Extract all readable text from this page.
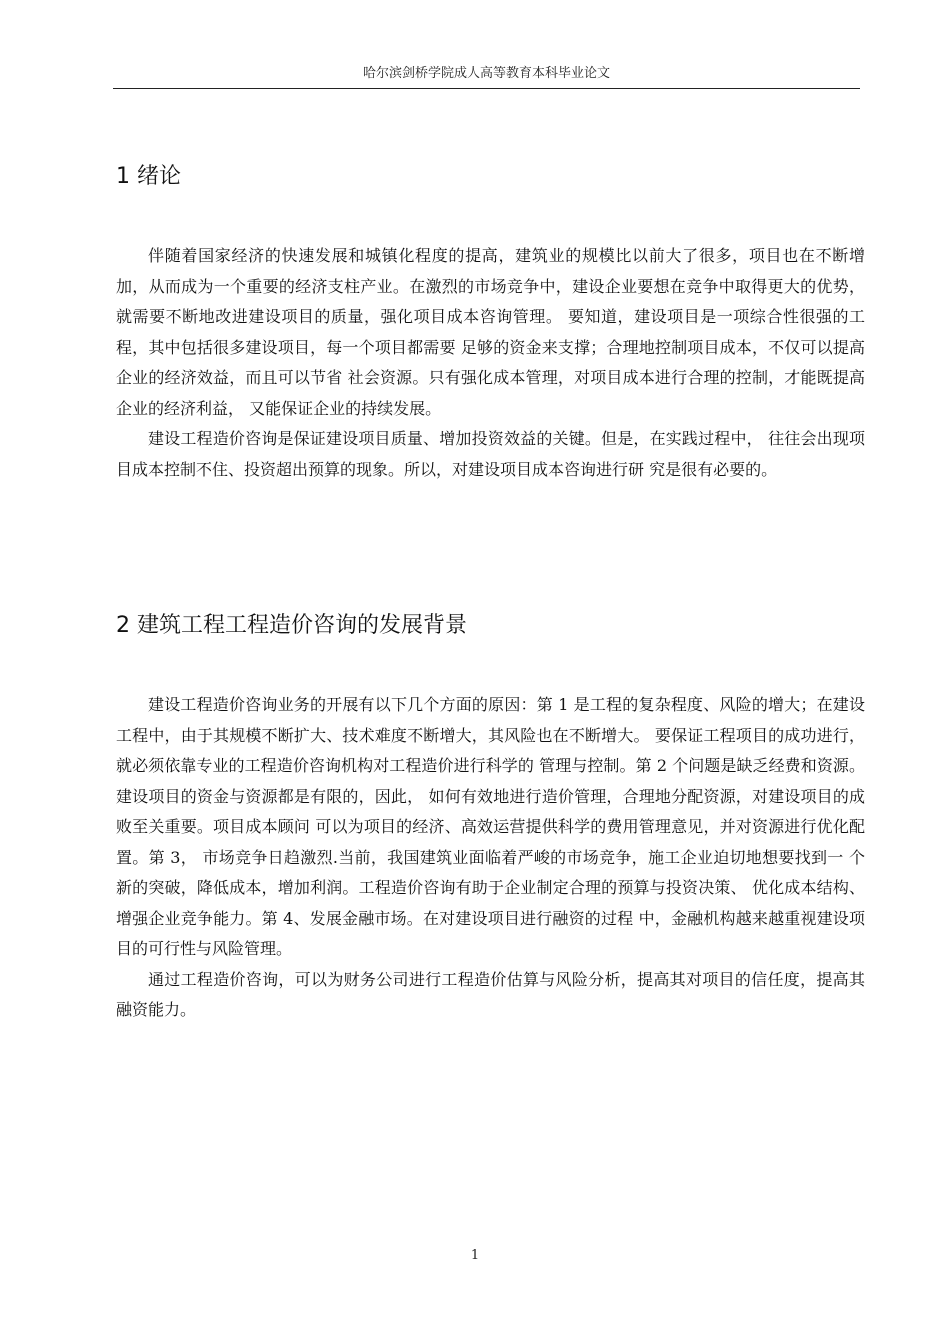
哈尔滨剑桥学院成人高等教育本科毕业论文
1 绪论

伴随着国家经济的快速发展和城镇化程度的提高，建筑业的规模比以前大了很多，项目也在不断增加，从而成为一个重要的经济支柱产业。在激烈的市场竞争中，建设企业要想在竞争中取得更大的优势，就需要不断地改进建设项目的质量，强化项目成本咨询管理。 要知道，建设项目是一项综合性很强的工程，其中包括很多建设项目，每一个项目都需要 足够的资金来支撑；合理地控制项目成本，不仅可以提高企业的经济效益，而且可以节省 社会资源。只有强化成本管理，对项目成本进行合理的控制，才能既提高企业的经济利益， 又能保证企业的持续发展。

建设工程造价咨询是保证建设项目质量、增加投资效益的关键。但是，在实践过程中， 往往会出现项目成本控制不住、投资超出预算的现象。所以，对建设项目成本咨询进行研 究是很有必要的。

2 建筑工程工程造价咨询的发展背景

建设工程造价咨询业务的开展有以下几个方面的原因：第 1 是工程的复杂程度、风险的增大；在建设工程中，由于其规模不断扩大、技术难度不断增大，其风险也在不断增大。 要保证工程项目的成功进行，就必须依靠专业的工程造价咨询机构对工程造价进行科学的 管理与控制。第 2 个问题是缺乏经费和资源。建设项目的资金与资源都是有限的，因此， 如何有效地进行造价管理，合理地分配资源，对建设项目的成败至关重要。项目成本顾问 可以为项目的经济、高效运营提供科学的费用管理意见，并对资源进行优化配置。第 3， 市场竞争日趋激烈.当前，我国建筑业面临着严峻的市场竞争，施工企业迫切地想要找到一 个新的突破，降低成本，增加利润。工程造价咨询有助于企业制定合理的预算与投资决策、 优化成本结构、增强企业竞争能力。第 4、发展金融市场。在对建设项目进行融资的过程 中，金融机构越来越重视建设项目的可行性与风险管理。

通过工程造价咨询，可以为财务公司进行工程造价估算与风险分析，提高其对项目的信任度，提高其融资能力。

1
